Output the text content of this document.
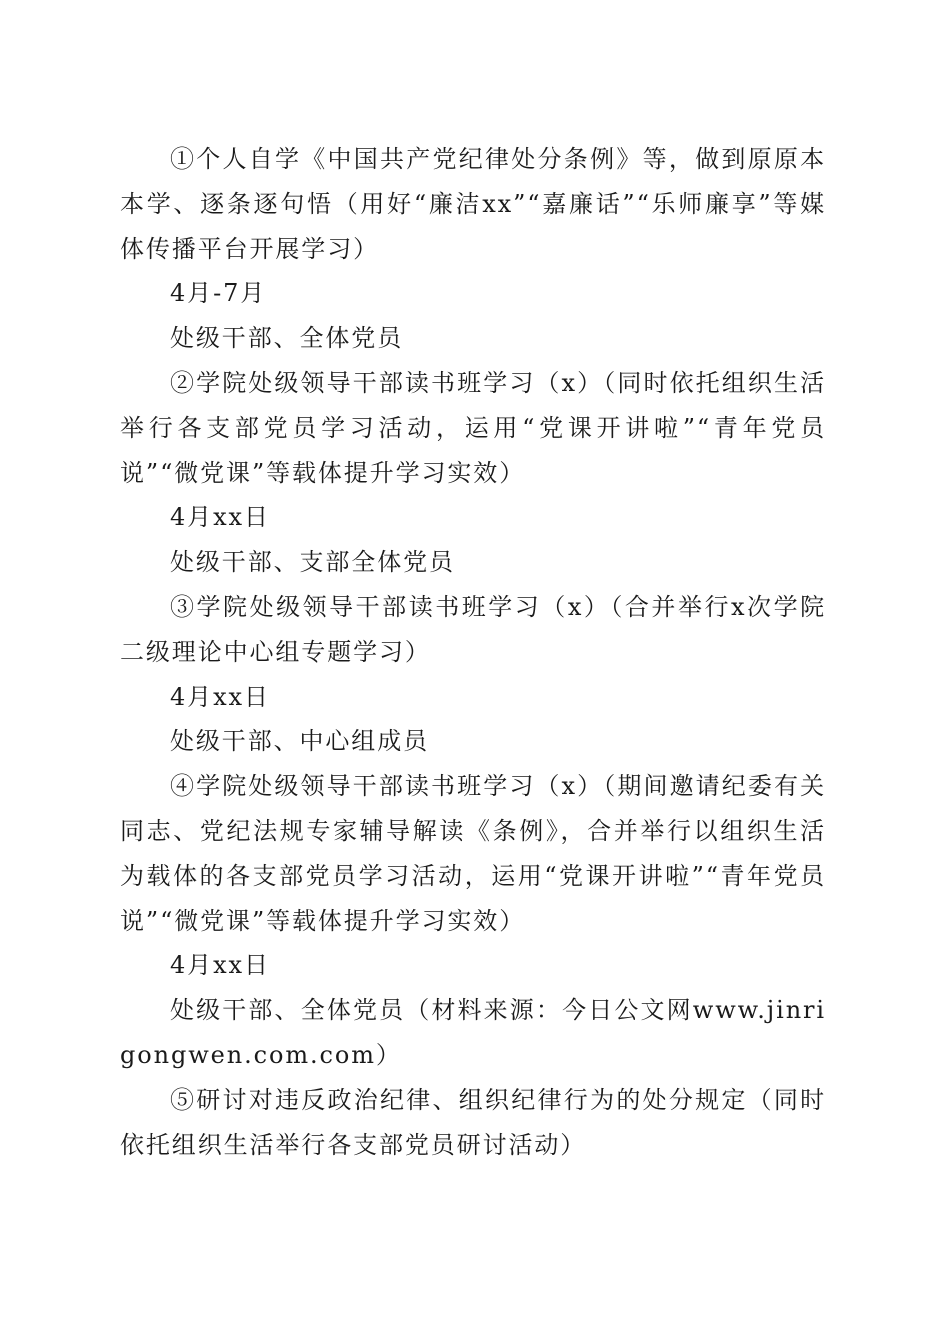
①个人自学《中国共产党纪律处分条例》等，做到原原本本学、逐条逐句悟（用好“廉洁xx”“嘉廉话”“乐师廉享”等媒体传播平台开展学习）

4月-7月

处级干部、全体党员

②学院处级领导干部读书班学习（x）（同时依托组织生活举行各支部党员学习活动，运用“党课开讲啦”“青年党员说”“微党课”等载体提升学习实效）

4月xx日

处级干部、支部全体党员

③学院处级领导干部读书班学习（x）（合并举行x次学院二级理论中心组专题学习）

4月xx日

处级干部、中心组成员

④学院处级领导干部读书班学习（x）（期间邀请纪委有关同志、党纪法规专家辅导解读《条例》，合并举行以组织生活为载体的各支部党员学习活动，运用“党课开讲啦”“青年党员说”“微党课”等载体提升学习实效）

4月xx日

处级干部、全体党员（材料来源：今日公文网www.jinrigongwen.com.com）

⑤研讨对违反政治纪律、组织纪律行为的处分规定（同时依托组织生活举行各支部党员研讨活动）
